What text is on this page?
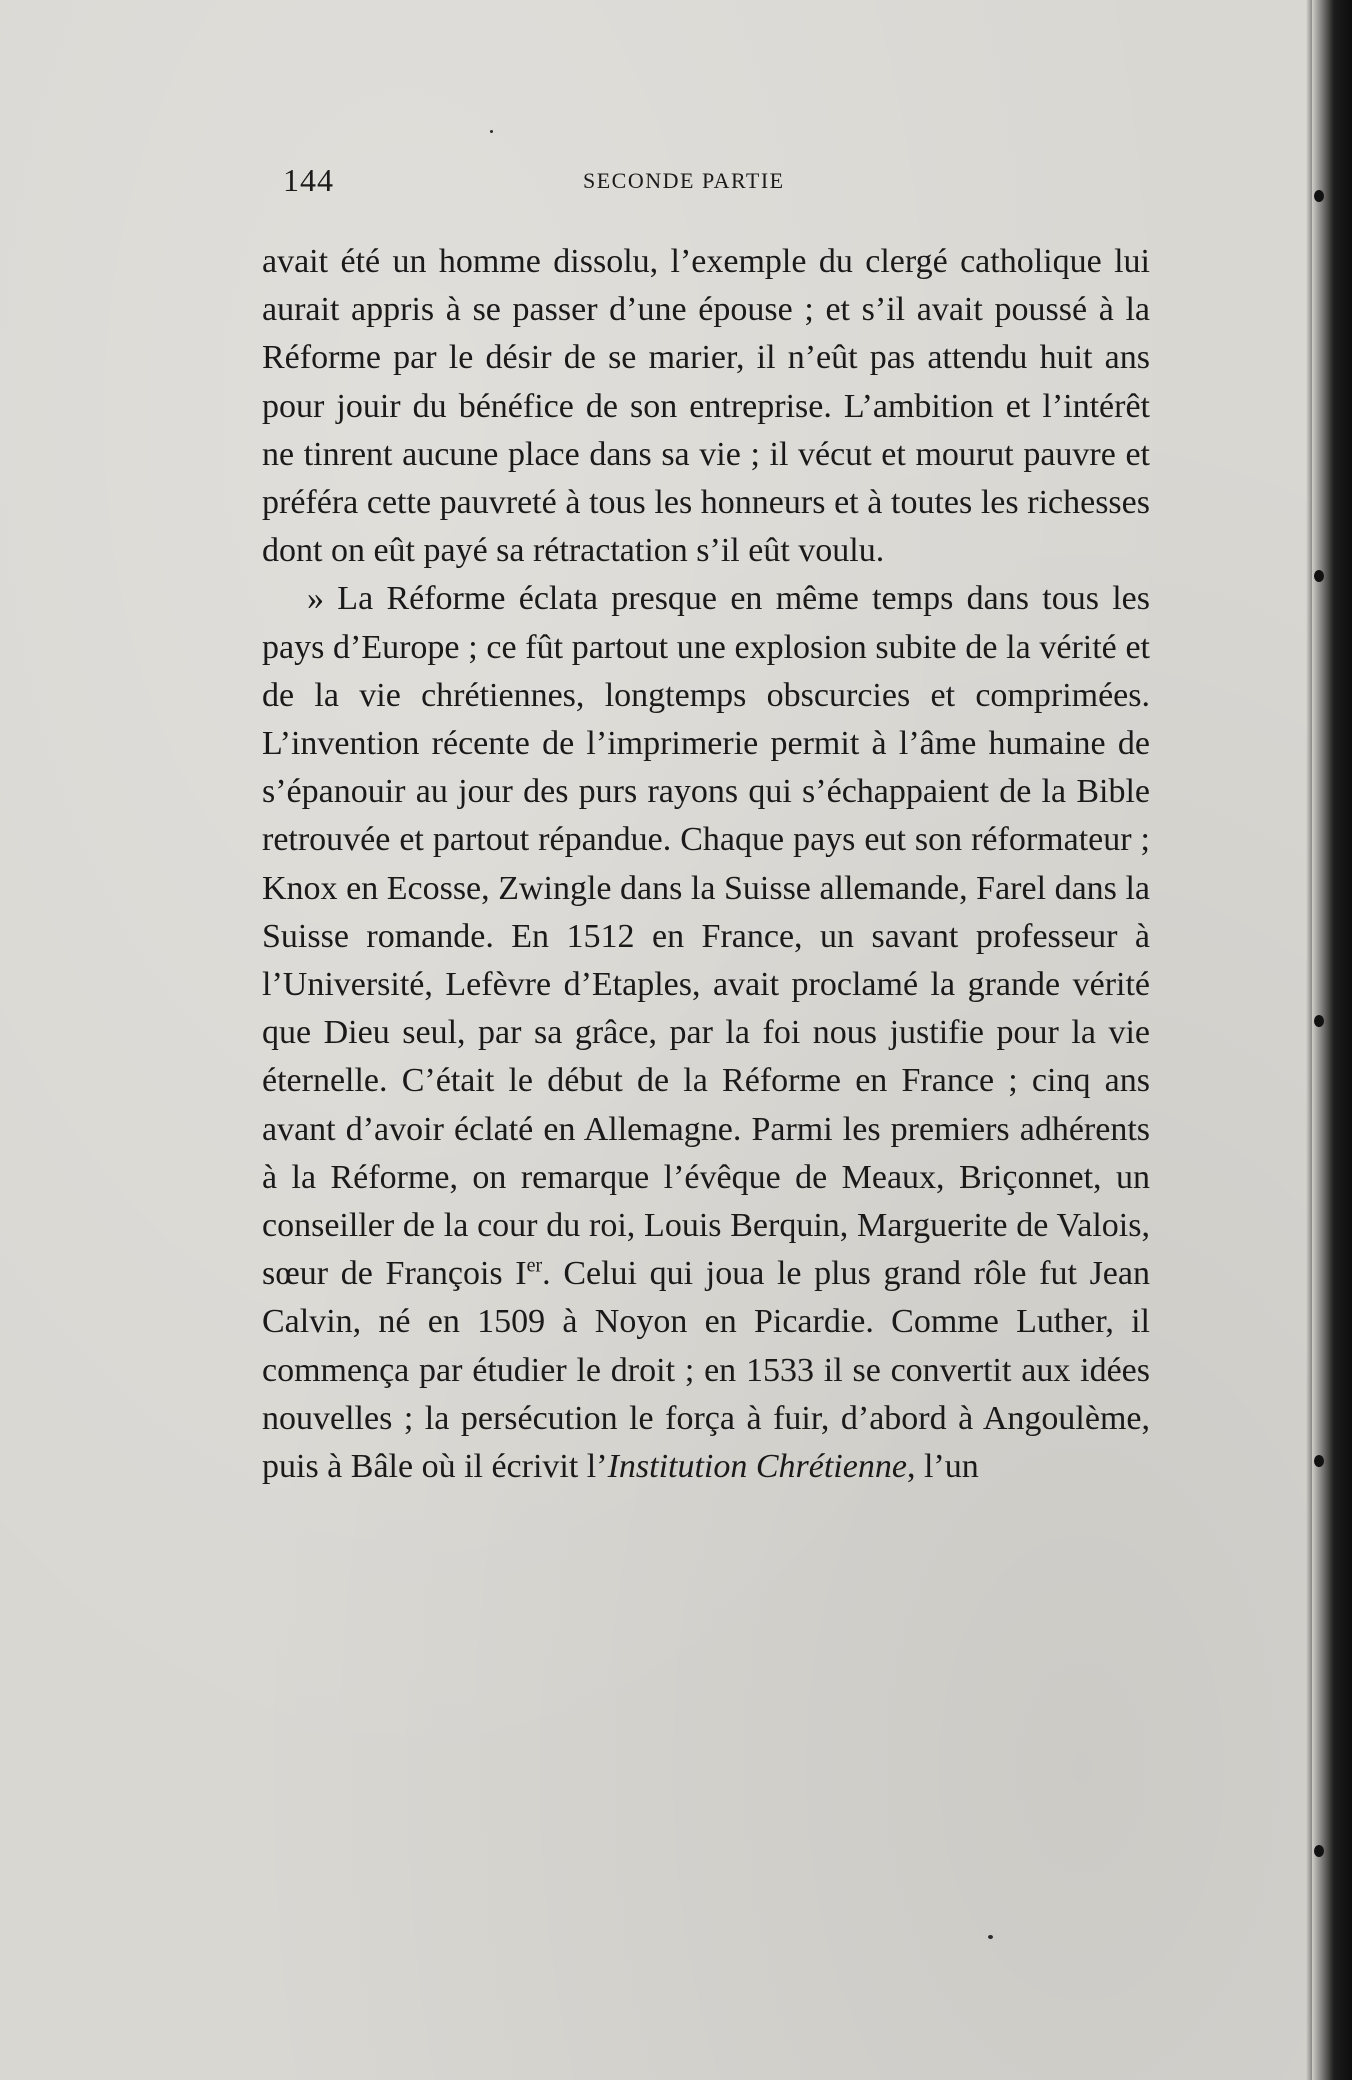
144	SECONDE PARTIE

avait été un homme dissolu, l’exemple du clergé catholique lui aurait appris à se passer d’une épouse ; et s’il avait poussé à la Réforme par le désir de se marier, il n’eût pas attendu huit ans pour jouir du bénéfice de son entreprise. L’ambition et l’intérêt ne tinrent aucune place dans sa vie ; il vécut et mourut pauvre et préféra cette pauvreté à tous les honneurs et à toutes les richesses dont on eût payé sa rétractation s’il eût voulu.

» La Réforme éclata presque en même temps dans tous les pays d’Europe ; ce fût partout une explosion subite de la vérité et de la vie chrétiennes, longtemps obscurcies et comprimées. L’invention récente de l’imprimerie permit à l’âme humaine de s’épanouir au jour des purs rayons qui s’échappaient de la Bible retrouvée et partout répandue. Chaque pays eut son réformateur ; Knox en Ecosse, Zwingle dans la Suisse allemande, Farel dans la Suisse romande. En 1512 en France, un savant professeur à l’Université, Lefèvre d’Etaples, avait proclamé la grande vérité que Dieu seul, par sa grâce, par la foi nous justifie pour la vie éternelle. C’était le début de la Réforme en France ; cinq ans avant d’avoir éclaté en Allemagne. Parmi les premiers adhérents à la Réforme, on remarque l’évêque de Meaux, Briçonnet, un conseiller de la cour du roi, Louis Berquin, Marguerite de Valois, sœur de François Ier. Celui qui joua le plus grand rôle fut Jean Calvin, né en 1509 à Noyon en Picardie. Comme Luther, il commença par étudier le droit ; en 1533 il se convertit aux idées nouvelles ; la persécution le força à fuir, d’abord à Angoulème, puis à Bâle où il écrivit l’Institution Chrétienne, l’un
